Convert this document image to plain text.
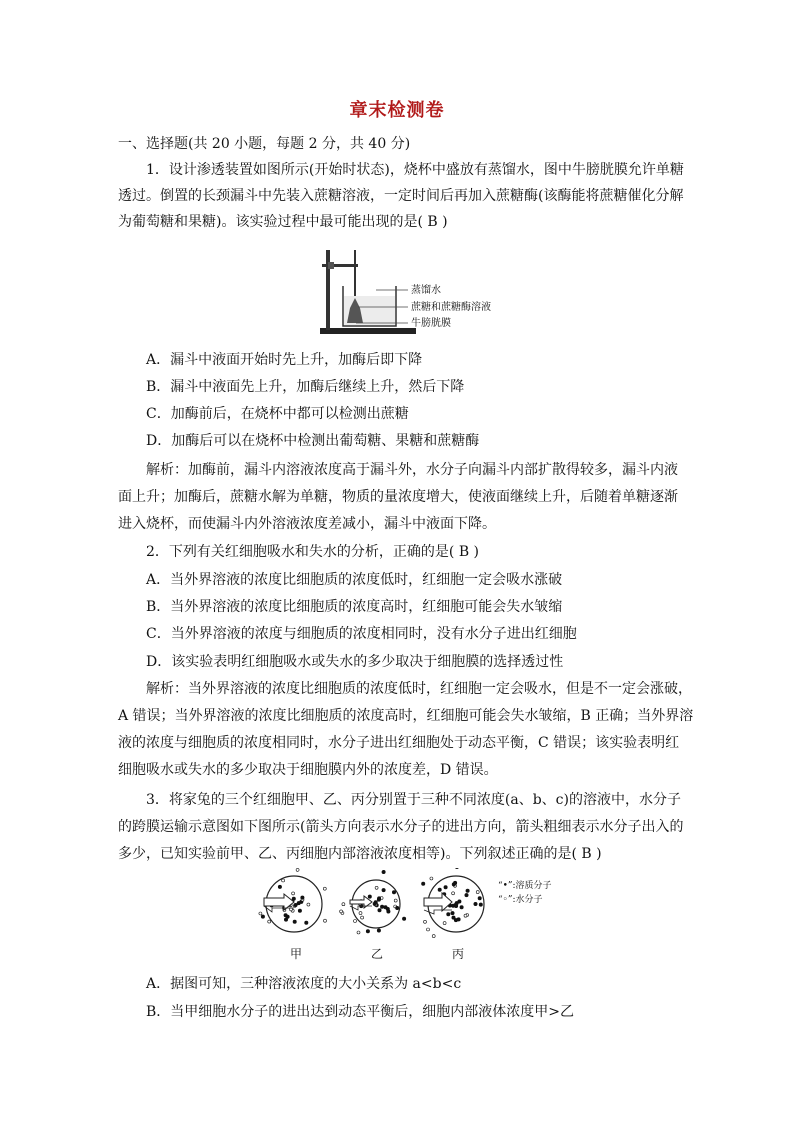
章末检测卷
一、选择题(共 20 小题，每题 2 分，共 40 分)
1．设计渗透装置如图所示(开始时状态)，烧杯中盛放有蒸馏水，图中牛膀胱膜允许单糖
透过。倒置的长颈漏斗中先装入蔗糖溶液，一定时间后再加入蔗糖酶(该酶能将蔗糖催化分解
为葡萄糖和果糖)。该实验过程中最可能出现的是( B )
蒸馏水
蔗糖和蔗糖酶溶液
牛膀胱膜
A．漏斗中液面开始时先上升，加酶后即下降
B．漏斗中液面先上升，加酶后继续上升，然后下降
C．加酶前后，在烧杯中都可以检测出蔗糖
D．加酶后可以在烧杯中检测出葡萄糖、果糖和蔗糖酶
解析：加酶前，漏斗内溶液浓度高于漏斗外，水分子向漏斗内部扩散得较多，漏斗内液
面上升；加酶后，蔗糖水解为单糖，物质的量浓度增大，使液面继续上升，后随着单糖逐渐
进入烧杯，而使漏斗内外溶液浓度差减小，漏斗中液面下降。
2．下列有关红细胞吸水和失水的分析，正确的是( B )
A．当外界溶液的浓度比细胞质的浓度低时，红细胞一定会吸水涨破
B．当外界溶液的浓度比细胞质的浓度高时，红细胞可能会失水皱缩
C．当外界溶液的浓度与细胞质的浓度相同时，没有水分子进出红细胞
D．该实验表明红细胞吸水或失水的多少取决于细胞膜的选择透过性
解析：当外界溶液的浓度比细胞质的浓度低时，红细胞一定会吸水，但是不一定会涨破，
A 错误；当外界溶液的浓度比细胞质的浓度高时，红细胞可能会失水皱缩，B 正确；当外界溶
液的浓度与细胞质的浓度相同时，水分子进出红细胞处于动态平衡，C 错误；该实验表明红
细胞吸水或失水的多少取决于细胞膜内外的浓度差，D 错误。
3．将家兔的三个红细胞甲、乙、丙分别置于三种不同浓度(a、b、c)的溶液中，水分子
的跨膜运输示意图如下图所示(箭头方向表示水分子的进出方向，箭头粗细表示水分子出入的
多少，已知实验前甲、乙、丙细胞内部溶液浓度相等)。下列叙述正确的是( B )
“•”:溶质分子
“◦”:水分子
甲	乙	丙
A．据图可知，三种溶液浓度的大小关系为 a<b<c
B．当甲细胞水分子的进出达到动态平衡后，细胞内部液体浓度甲>乙
